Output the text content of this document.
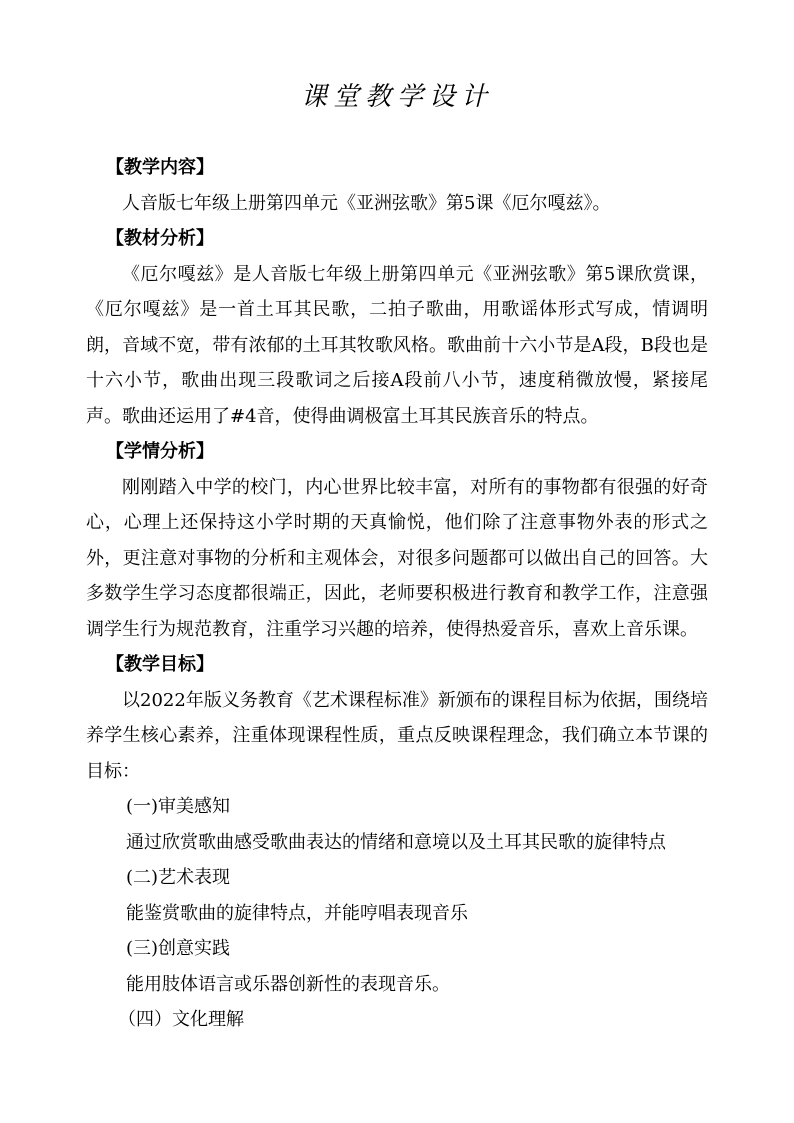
课堂教学设计

【教学内容】

人音版七年级上册第四单元《亚洲弦歌》第5课《厄尔嘎兹》。

【教材分析】

《厄尔嘎兹》是人音版七年级上册第四单元《亚洲弦歌》第5课欣赏课，《厄尔嘎兹》是一首土耳其民歌，二拍子歌曲，用歌谣体形式写成，情调明朗，音域不宽，带有浓郁的土耳其牧歌风格。歌曲前十六小节是A段，B段也是十六小节，歌曲出现三段歌词之后接A段前八小节，速度稍微放慢，紧接尾声。歌曲还运用了#4音，使得曲调极富土耳其民族音乐的特点。

【学情分析】

刚刚踏入中学的校门，内心世界比较丰富，对所有的事物都有很强的好奇心，心理上还保持这小学时期的天真愉悦，他们除了注意事物外表的形式之外，更注意对事物的分析和主观体会，对很多问题都可以做出自己的回答。大多数学生学习态度都很端正，因此，老师要积极进行教育和教学工作，注意强调学生行为规范教育，注重学习兴趣的培养，使得热爱音乐，喜欢上音乐课。

【教学目标】

以2022年版义务教育《艺术课程标准》新颁布的课程目标为依据，围绕培养学生核心素养，注重体现课程性质，重点反映课程理念，我们确立本节课的目标：

(一)审美感知

通过欣赏歌曲感受歌曲表达的情绪和意境以及土耳其民歌的旋律特点

(二)艺术表现

能鉴赏歌曲的旋律特点，并能哼唱表现音乐

(三)创意实践

能用肢体语言或乐器创新性的表现音乐。

（四）文化理解
